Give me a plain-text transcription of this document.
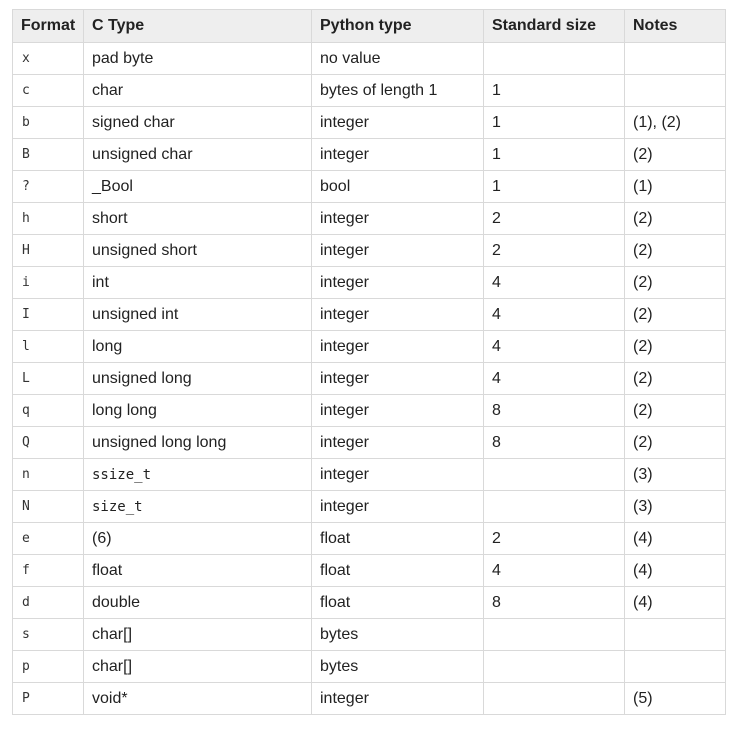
Format	C Type	Python type	Standard size	Notes
x	pad byte	no value		
c	char	bytes of length 1	1	
b	signed char	integer	1	(1), (2)
B	unsigned char	integer	1	(2)
?	_Bool	bool	1	(1)
h	short	integer	2	(2)
H	unsigned short	integer	2	(2)
i	int	integer	4	(2)
I	unsigned int	integer	4	(2)
l	long	integer	4	(2)
L	unsigned long	integer	4	(2)
q	long long	integer	8	(2)
Q	unsigned long long	integer	8	(2)
n	ssize_t	integer		(3)
N	size_t	integer		(3)
e	(6)	float	2	(4)
f	float	float	4	(4)
d	double	float	8	(4)
s	char[]	bytes		
p	char[]	bytes		
P	void*	integer		(5)
